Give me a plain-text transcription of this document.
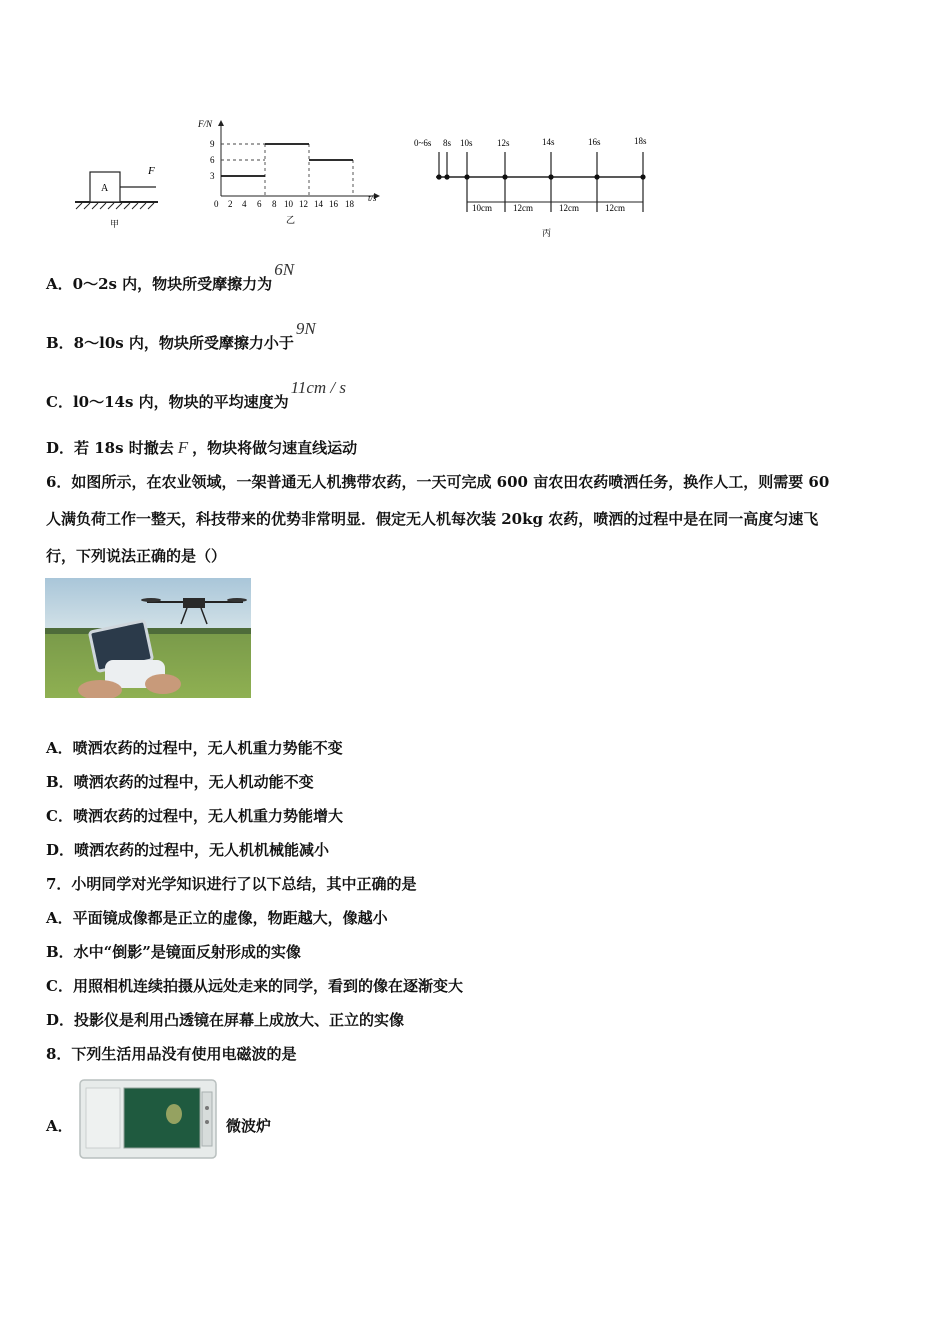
A
F
甲
F/N
t/s
9
6
3
0 2 4 6 8 10 12 14 16 18
乙
0~6s 8s 10s	12s	14s	16s	18s
10cm 12cm	12cm	12cm
丙
A．0～2s 内，物块所受摩擦力为6N
B．8～l0s 内，物块所受摩擦力小于9N
C．l0～14s 内，物块的平均速度为11cm / s
D．若 18s 时撤去 F ，物块将做匀速直线运动
6．如图所示，在农业领域，一架普通无人机携带农药，一天可完成 600 亩农田农药喷洒任务，换作人工，则需要 60
人满负荷工作一整天，科技带来的优势非常明显．假定无人机每次装 20kg 农药，喷洒的过程中是在同一高度匀速飞
行，下列说法正确的是（）
A．喷洒农药的过程中，无人机重力势能不变
B．喷洒农药的过程中，无人机动能不变
C．喷洒农药的过程中，无人机重力势能增大
D．喷洒农药的过程中，无人机机械能减小
7．小明同学对光学知识进行了以下总结，其中正确的是
A．平面镜成像都是正立的虚像，物距越大，像越小
B．水中“倒影”是镜面反射形成的实像
C．用照相机连续拍摄从远处走来的同学，看到的像在逐渐变大
D．投影仪是利用凸透镜在屏幕上成放大、正立的实像
8．下列生活用品没有使用电磁波的是
A．	微波炉
